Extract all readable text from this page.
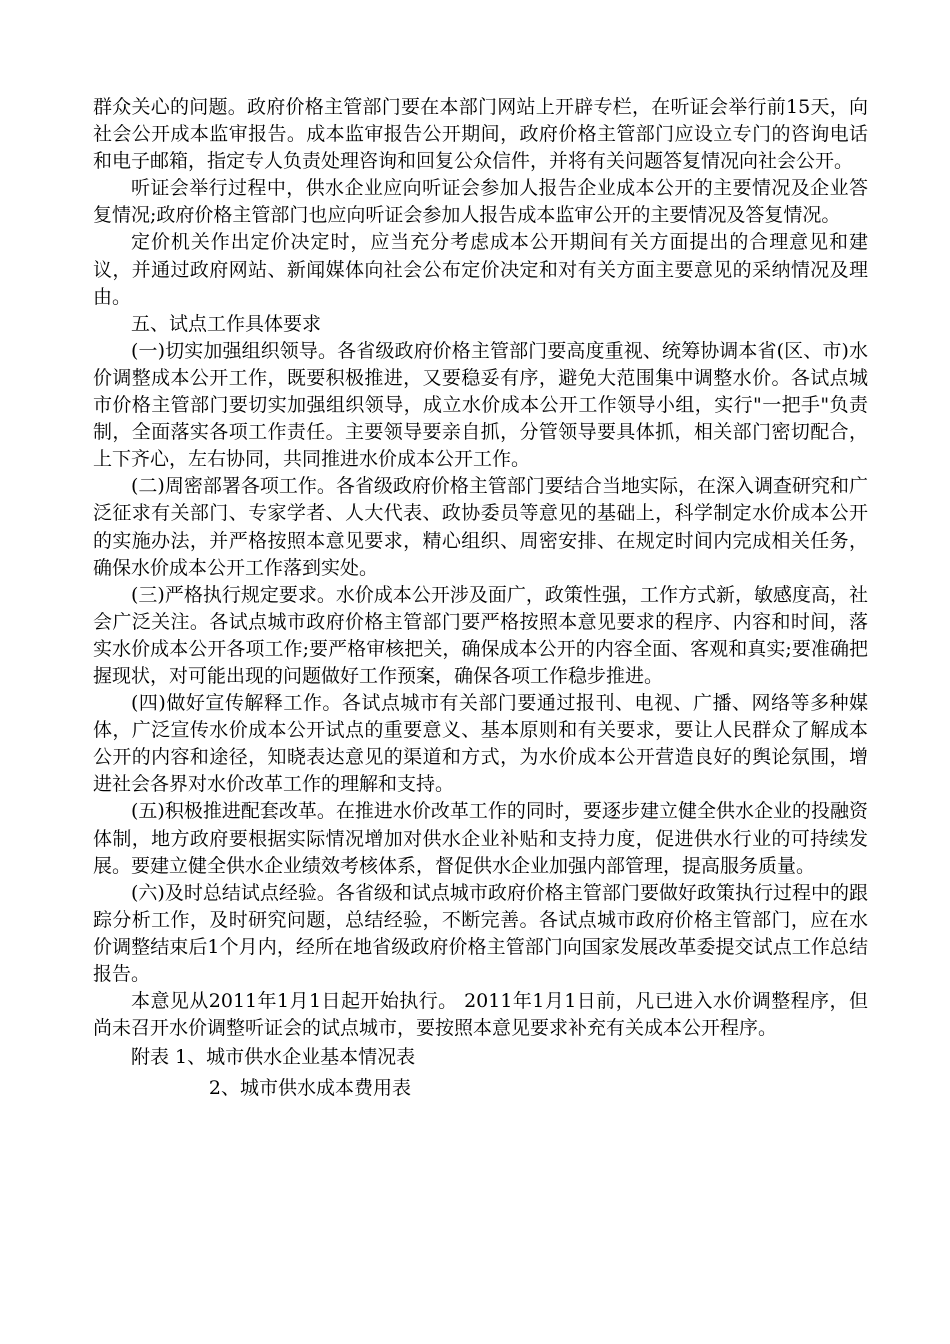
群众关心的问题。政府价格主管部门要在本部门网站上开辟专栏，在听证会举行前15天，向社会公开成本监审报告。成本监审报告公开期间，政府价格主管部门应设立专门的咨询电话和电子邮箱，指定专人负责处理咨询和回复公众信件，并将有关问题答复情况向社会公开。

听证会举行过程中，供水企业应向听证会参加人报告企业成本公开的主要情况及企业答复情况;政府价格主管部门也应向听证会参加人报告成本监审公开的主要情况及答复情况。

定价机关作出定价决定时，应当充分考虑成本公开期间有关方面提出的合理意见和建议，并通过政府网站、新闻媒体向社会公布定价决定和对有关方面主要意见的采纳情况及理由。

五、试点工作具体要求

(一)切实加强组织领导。各省级政府价格主管部门要高度重视、统筹协调本省(区、市)水价调整成本公开工作，既要积极推进，又要稳妥有序，避免大范围集中调整水价。各试点城市价格主管部门要切实加强组织领导，成立水价成本公开工作领导小组，实行"一把手"负责制，全面落实各项工作责任。主要领导要亲自抓，分管领导要具体抓，相关部门密切配合，上下齐心，左右协同，共同推进水价成本公开工作。

(二)周密部署各项工作。各省级政府价格主管部门要结合当地实际，在深入调查研究和广泛征求有关部门、专家学者、人大代表、政协委员等意见的基础上，科学制定水价成本公开的实施办法，并严格按照本意见要求，精心组织、周密安排、在规定时间内完成相关任务，确保水价成本公开工作落到实处。

(三)严格执行规定要求。水价成本公开涉及面广，政策性强，工作方式新，敏感度高，社会广泛关注。各试点城市政府价格主管部门要严格按照本意见要求的程序、内容和时间，落实水价成本公开各项工作;要严格审核把关，确保成本公开的内容全面、客观和真实;要准确把握现状，对可能出现的问题做好工作预案，确保各项工作稳步推进。

(四)做好宣传解释工作。各试点城市有关部门要通过报刊、电视、广播、网络等多种媒体，广泛宣传水价成本公开试点的重要意义、基本原则和有关要求，要让人民群众了解成本公开的内容和途径，知晓表达意见的渠道和方式，为水价成本公开营造良好的舆论氛围，增进社会各界对水价改革工作的理解和支持。

(五)积极推进配套改革。在推进水价改革工作的同时，要逐步建立健全供水企业的投融资体制，地方政府要根据实际情况增加对供水企业补贴和支持力度，促进供水行业的可持续发展。要建立健全供水企业绩效考核体系，督促供水企业加强内部管理，提高服务质量。

(六)及时总结试点经验。各省级和试点城市政府价格主管部门要做好政策执行过程中的跟踪分析工作，及时研究问题，总结经验，不断完善。各试点城市政府价格主管部门，应在水价调整结束后1个月内，经所在地省级政府价格主管部门向国家发展改革委提交试点工作总结报告。

本意见从2011年1月1日起开始执行。 2011年1月1日前，凡已进入水价调整程序，但尚未召开水价调整听证会的试点城市，要按照本意见要求补充有关成本公开程序。

附表 1、城市供水企业基本情况表

2、城市供水成本费用表
